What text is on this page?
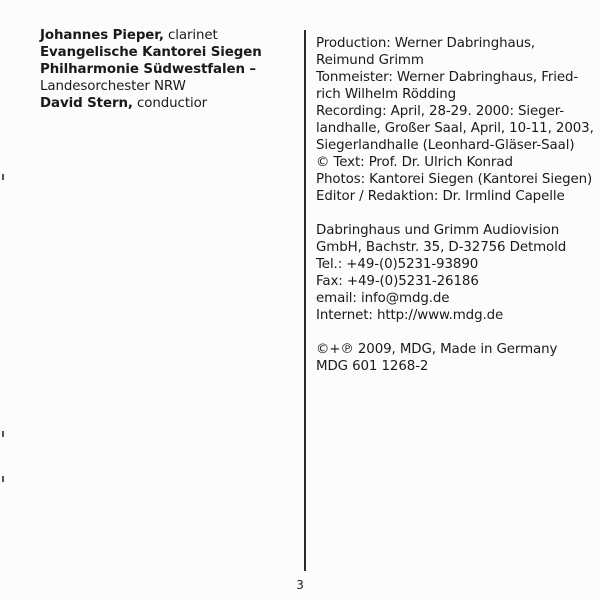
Johannes Pieper, clarinet
Evangelische Kantorei Siegen
Philharmonie Südwestfalen –
Landesorchester NRW
David Stern, conductior
Production: Werner Dabringhaus,
Reimund Grimm
Tonmeister: Werner Dabringhaus, Fried-
rich Wilhelm Rödding
Recording: April, 28-29. 2000: Sieger-
landhalle, Großer Saal, April, 10-11, 2003,
Siegerlandhalle (Leonhard-Gläser-Saal)
© Text: Prof. Dr. Ulrich Konrad
Photos: Kantorei Siegen (Kantorei Siegen)
Editor / Redaktion: Dr. Irmlind Capelle
Dabringhaus und Grimm Audiovision
GmbH, Bachstr. 35, D-32756 Detmold
Tel.: +49-(0)5231-93890
Fax: +49-(0)5231-26186
email: info@mdg.de
Internet: http://www.mdg.de
©+℗ 2009, MDG, Made in Germany
MDG 601 1268-2
3
